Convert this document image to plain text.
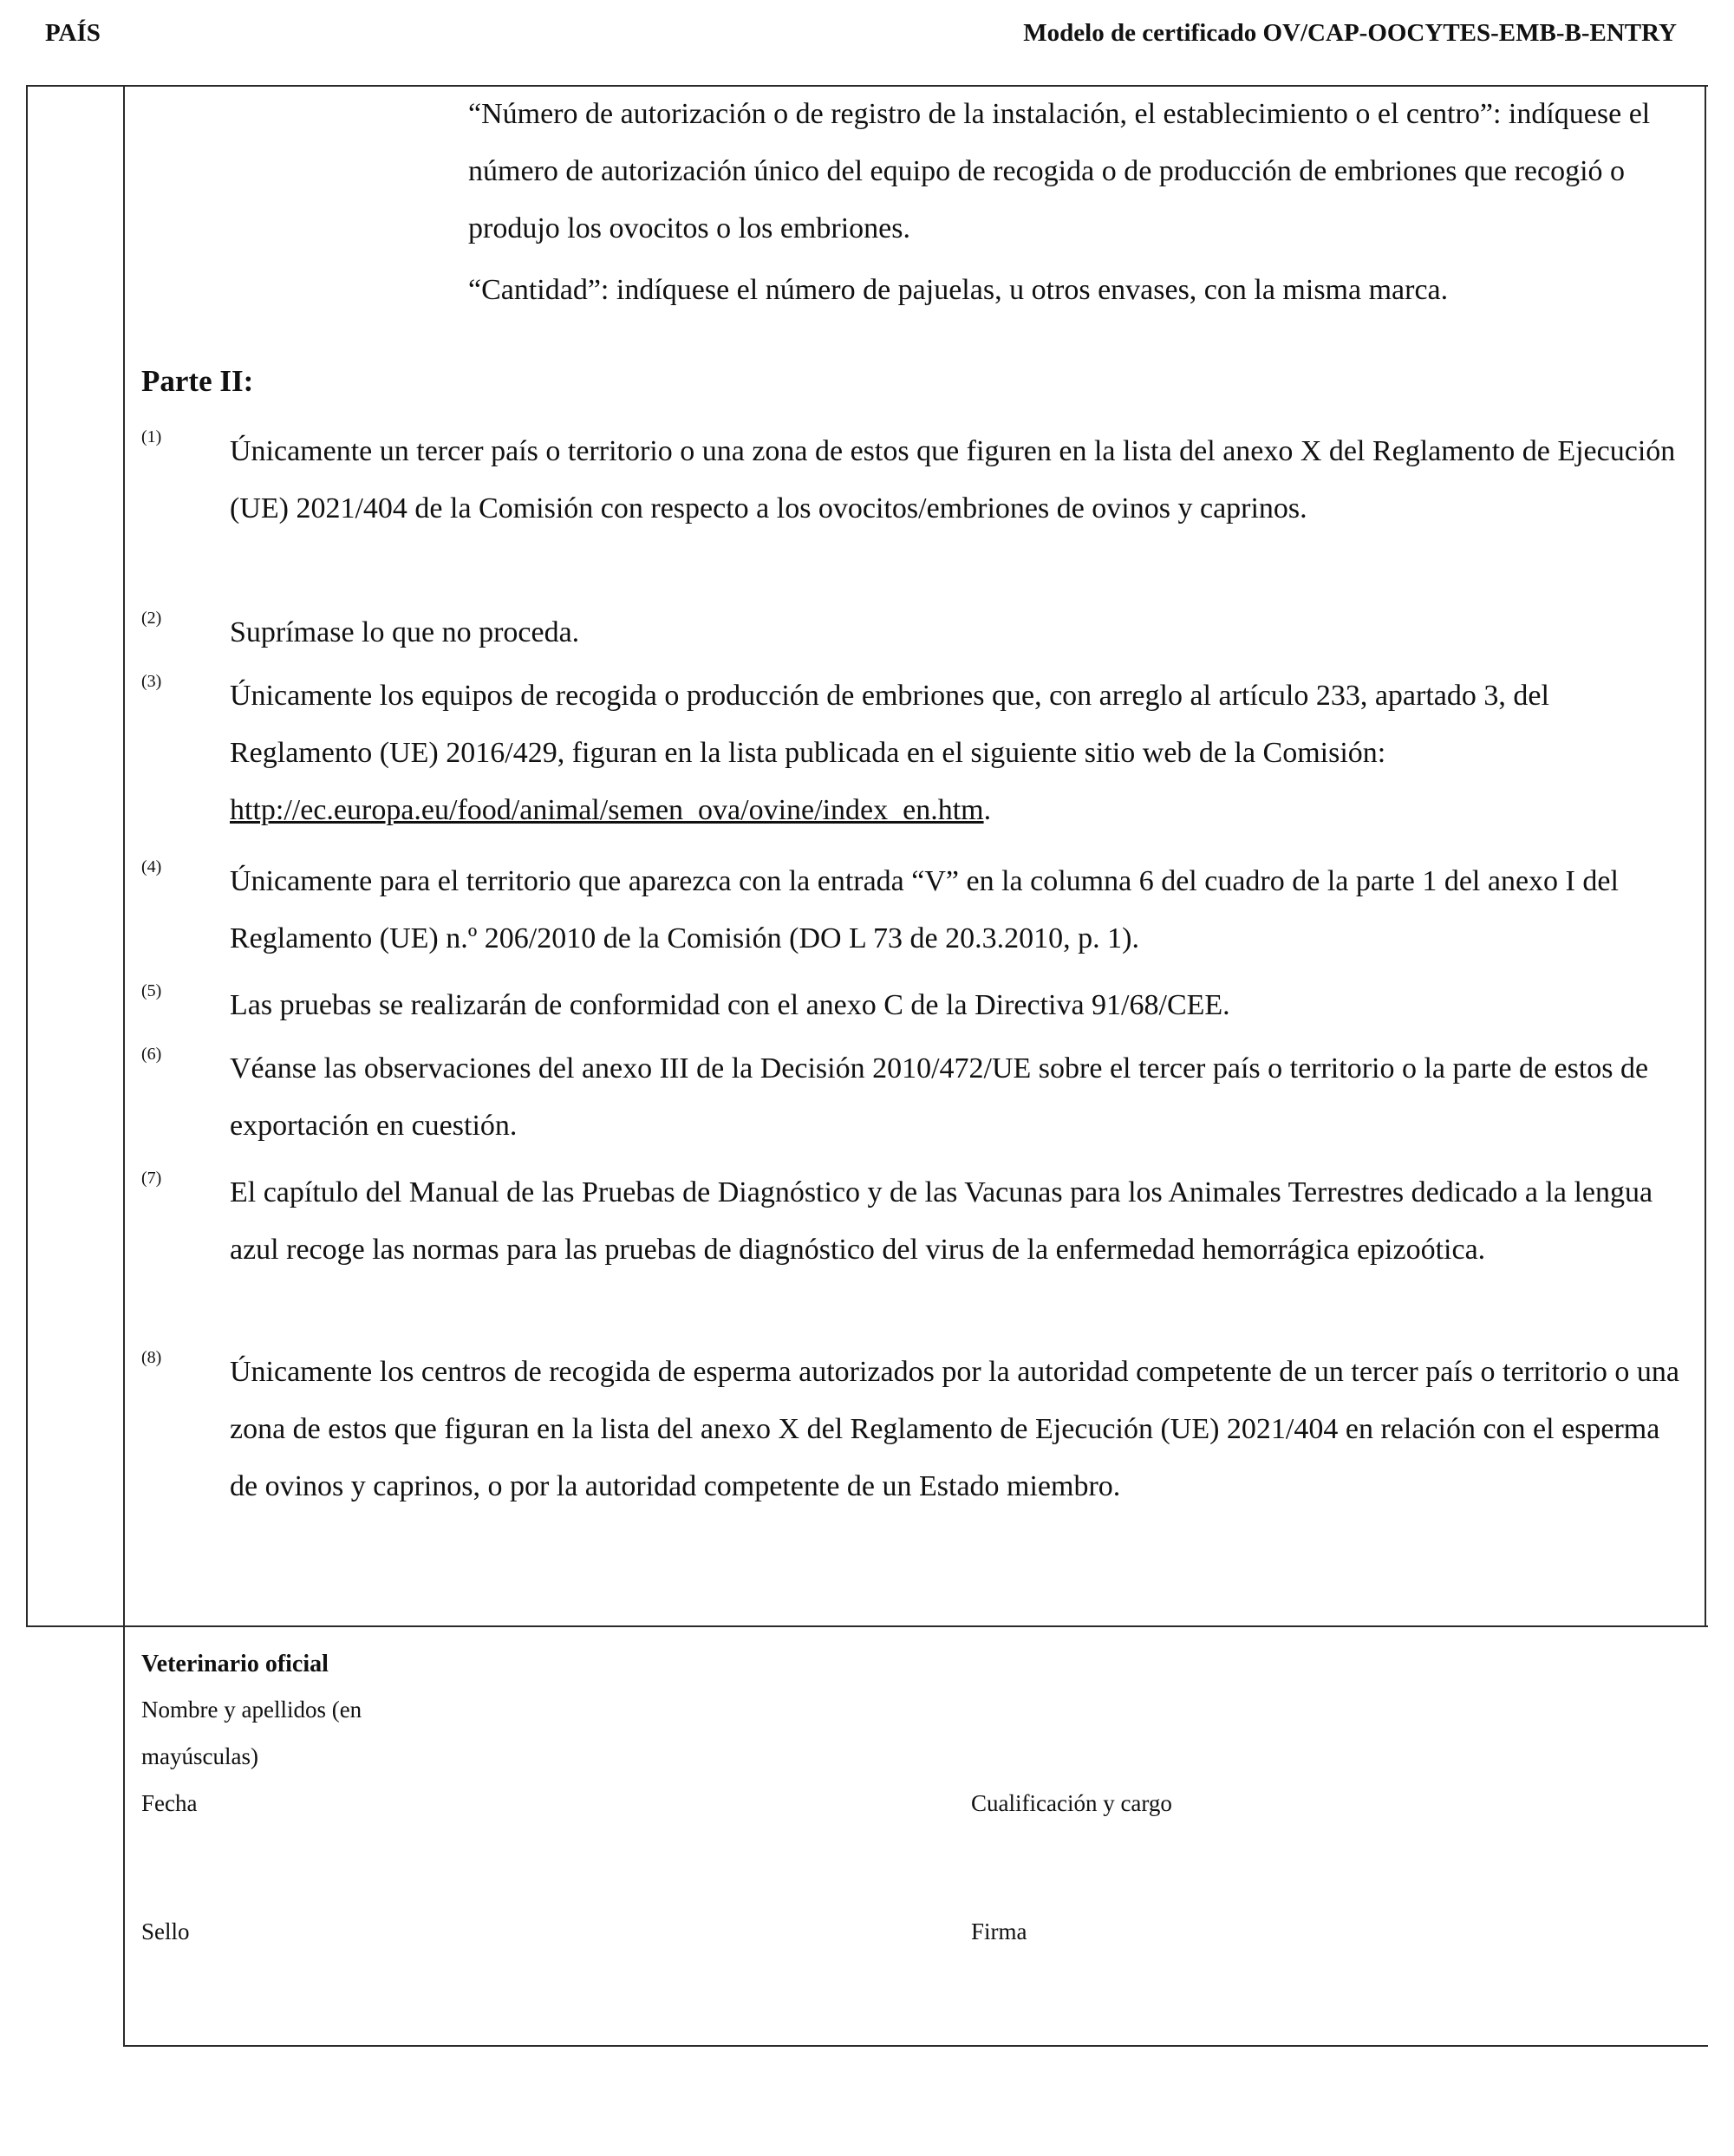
PAÍS	Modelo de certificado OV/CAP-OOCYTES-EMB-B-ENTRY
“Número de autorización o de registro de la instalación, el establecimiento o el centro”: indíquese el número de autorización único del equipo de recogida o de producción de embriones que recogió o produjo los ovocitos o los embriones.
“Cantidad”: indíquese el número de pajuelas, u otros envases, con la misma marca.
Parte II:
(1) Únicamente un tercer país o territorio o una zona de estos que figuren en la lista del anexo X del Reglamento de Ejecución (UE) 2021/404 de la Comisión con respecto a los ovocitos/embriones de ovinos y caprinos.
(2) Suprímase lo que no proceda.
(3) Únicamente los equipos de recogida o producción de embriones que, con arreglo al artículo 233, apartado 3, del Reglamento (UE) 2016/429, figuran en la lista publicada en el siguiente sitio web de la Comisión: http://ec.europa.eu/food/animal/semen_ova/ovine/index_en.htm.
(4) Únicamente para el territorio que aparezca con la entrada “V” en la columna 6 del cuadro de la parte 1 del anexo I del Reglamento (UE) n.º 206/2010 de la Comisión (DO L 73 de 20.3.2010, p. 1).
(5) Las pruebas se realizarán de conformidad con el anexo C de la Directiva 91/68/CEE.
(6) Véanse las observaciones del anexo III de la Decisión 2010/472/UE sobre el tercer país o territorio o la parte de estos de exportación en cuestión.
(7) El capítulo del Manual de las Pruebas de Diagnóstico y de las Vacunas para los Animales Terrestres dedicado a la lengua azul recoge las normas para las pruebas de diagnóstico del virus de la enfermedad hemorrágica epizoótica.
(8) Únicamente los centros de recogida de esperma autorizados por la autoridad competente de un tercer país o territorio o una zona de estos que figuran en la lista del anexo X del Reglamento de Ejecución (UE) 2021/404 en relación con el esperma de ovinos y caprinos, o por la autoridad competente de un Estado miembro.
Veterinario oficial
Nombre y apellidos (en mayúsculas)
Fecha	Cualificación y cargo
Sello	Firma
